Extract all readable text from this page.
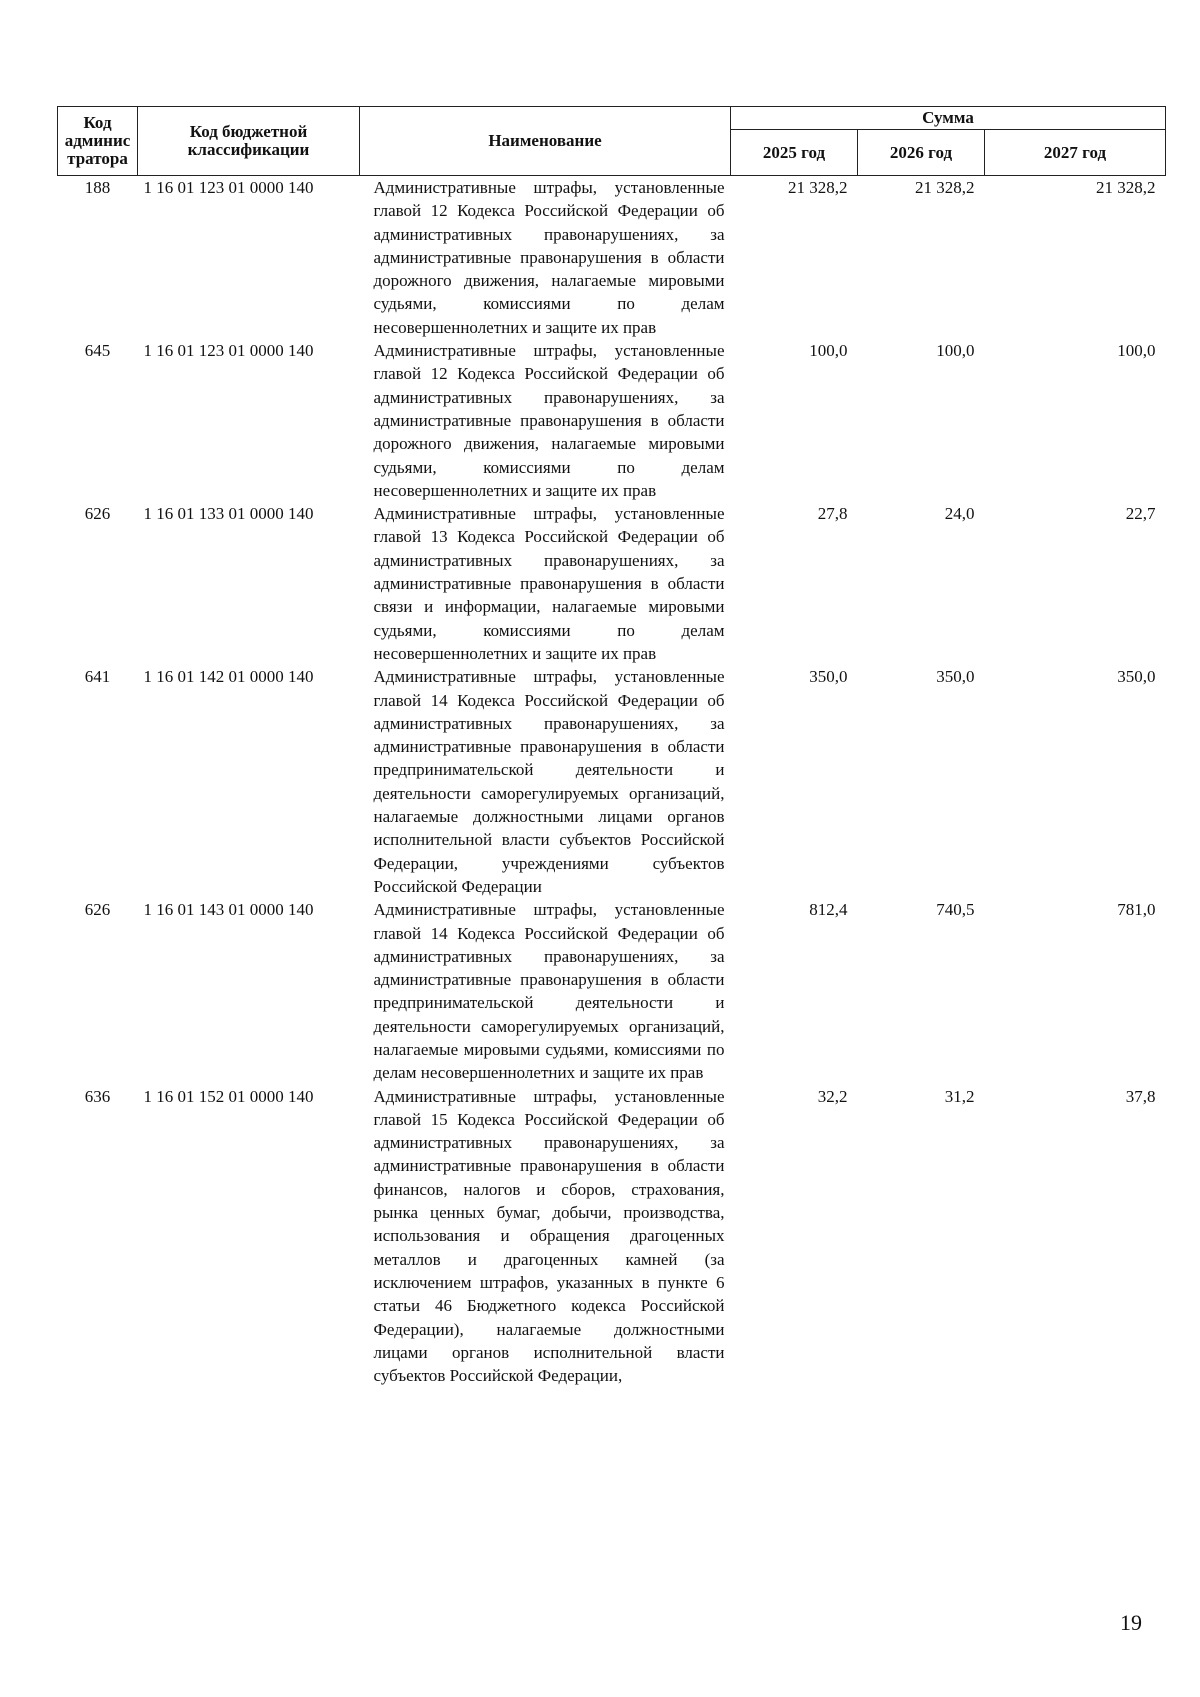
Код админис тратора	Код бюджетной классификации	Наименование	Сумма		
			2025 год	2026 год	2027 год
188	1 16 01 123 01 0000 140	Административные штрафы, установленные главой 12 Кодекса Российской Федерации об административных правонарушениях, за административные правонарушения в области дорожного движения, налагаемые мировыми судьями, комиссиями по делам несовершеннолетних и защите их прав	21 328,2	21 328,2	21 328,2
645	1 16 01 123 01 0000 140	Административные штрафы, установленные главой 12 Кодекса Российской Федерации об административных правонарушениях, за административные правонарушения в области дорожного движения, налагаемые мировыми судьями, комиссиями по делам несовершеннолетних и защите их прав	100,0	100,0	100,0
626	1 16 01 133 01 0000 140	Административные штрафы, установленные главой 13 Кодекса Российской Федерации об административных правонарушениях, за административные правонарушения в области связи и информации, налагаемые мировыми судьями, комиссиями по делам несовершеннолетних и защите их прав	27,8	24,0	22,7
641	1 16 01 142 01 0000 140	Административные штрафы, установленные главой 14 Кодекса Российской Федерации об административных правонарушениях, за административные правонарушения в области предпринимательской деятельности и деятельности саморегулируемых организаций, налагаемые должностными лицами органов исполнительной власти субъектов Российской Федерации, учреждениями субъектов Российской Федерации	350,0	350,0	350,0
626	1 16 01 143 01 0000 140	Административные штрафы, установленные главой 14 Кодекса Российской Федерации об административных правонарушениях, за административные правонарушения в области предпринимательской деятельности и деятельности саморегулируемых организаций, налагаемые мировыми судьями, комиссиями по делам несовершеннолетних и защите их прав	812,4	740,5	781,0
636	1 16 01 152 01 0000 140	Административные штрафы, установленные главой 15 Кодекса Российской Федерации об административных правонарушениях, за административные правонарушения в области финансов, налогов и сборов, страхования, рынка ценных бумаг, добычи, производства, использования и обращения драгоценных металлов и драгоценных камней (за исключением штрафов, указанных в пункте 6 статьи 46 Бюджетного кодекса Российской Федерации), налагаемые должностными лицами органов исполнительной власти субъектов Российской Федерации,	32,2	31,2	37,8
19
